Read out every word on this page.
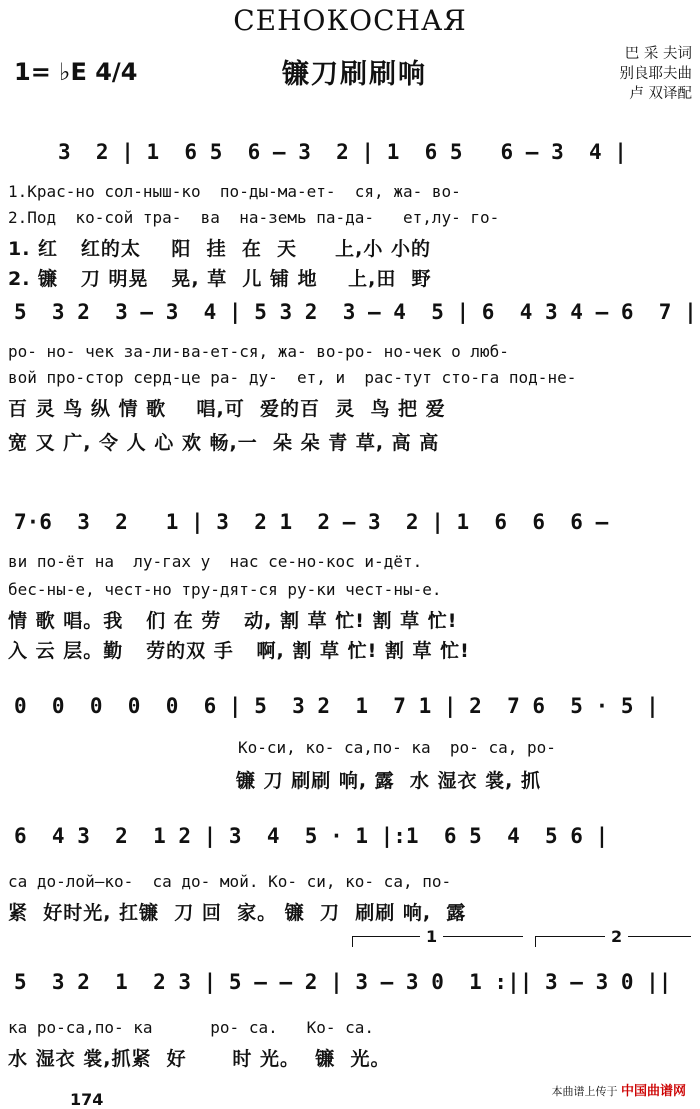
СЕНОКОСНАЯ
1= ♭E 4/4	镰刀刷刷响
巴 采 夫词
别良耶夫曲
卢 双译配
3  2 | 1  6 5  6 — 3  2 | 1  6 5   6 — 3  4 |
1.Крас-но сол-ныш-ко  по-ды-ма-ет-  ся, жа- во-
2.Под  ко-сой тра-  ва  на-земь па-да-   ет,лу- го-
1. 红   红的太    阳  挂  在  天     上,小 小的
2. 镰   刀 明晃   晃, 草  儿 铺 地    上,田  野
5  3 2  3 — 3  4 | 5 3 2  3 — 4  5 | 6  4 3 4 — 6  7 |
ро- но- чек за-ли-ва-ет-ся, жа- во-ро- но-чек о люб-
вой про-стор серд-це ра- ду-  ет, и  рас-тут сто-га под-не-
百 灵 鸟 纵 情 歌    唱,可  爱的百  灵  鸟 把 爱
宽 又 广, 令 人 心 欢 畅,一  朵 朵 青 草, 高 高
7·6  3  2   1 | 3  2 1  2 — 3  2 | 1  6  6  6 —
ви по-ёт на  лу-гах у  нас се-но-кос и-дёт.
бес-ны-е, чест-но тру-дят-ся ру-ки чест-ны-е.
情 歌 唱。我   们 在 劳   动, 割 草 忙! 割 草 忙!
入 云 层。勤   劳的双 手   啊, 割 草 忙! 割 草 忙!
0  0  0  0  0  6 | 5  3 2  1  7 1 | 2  7 6  5 · 5 |
Ко-си, ко- са,по- ка  ро- са, ро-
镰 刀 刷刷 响, 露  水 湿衣 裳, 抓
6  4 3  2  1 2 | 3  4  5 · 1 |:1  6 5  4  5 6 |
са до-лой—ко-  са до- мой. Ко- си, ко- са, по-
紧  好时光, 扛镰  刀 回  家。 镰  刀  刷刷 响,  露
1	2
5  3 2  1  2 3 | 5 — — 2 | 3 — 3 0  1 :|| 3 — 3 0 ||
ка ро-са,по- ка      ро- са.   Ко- са.
水 湿衣 裳,抓紧  好      时 光。  镰  光。
174	本曲谱上传于 中国曲谱网
